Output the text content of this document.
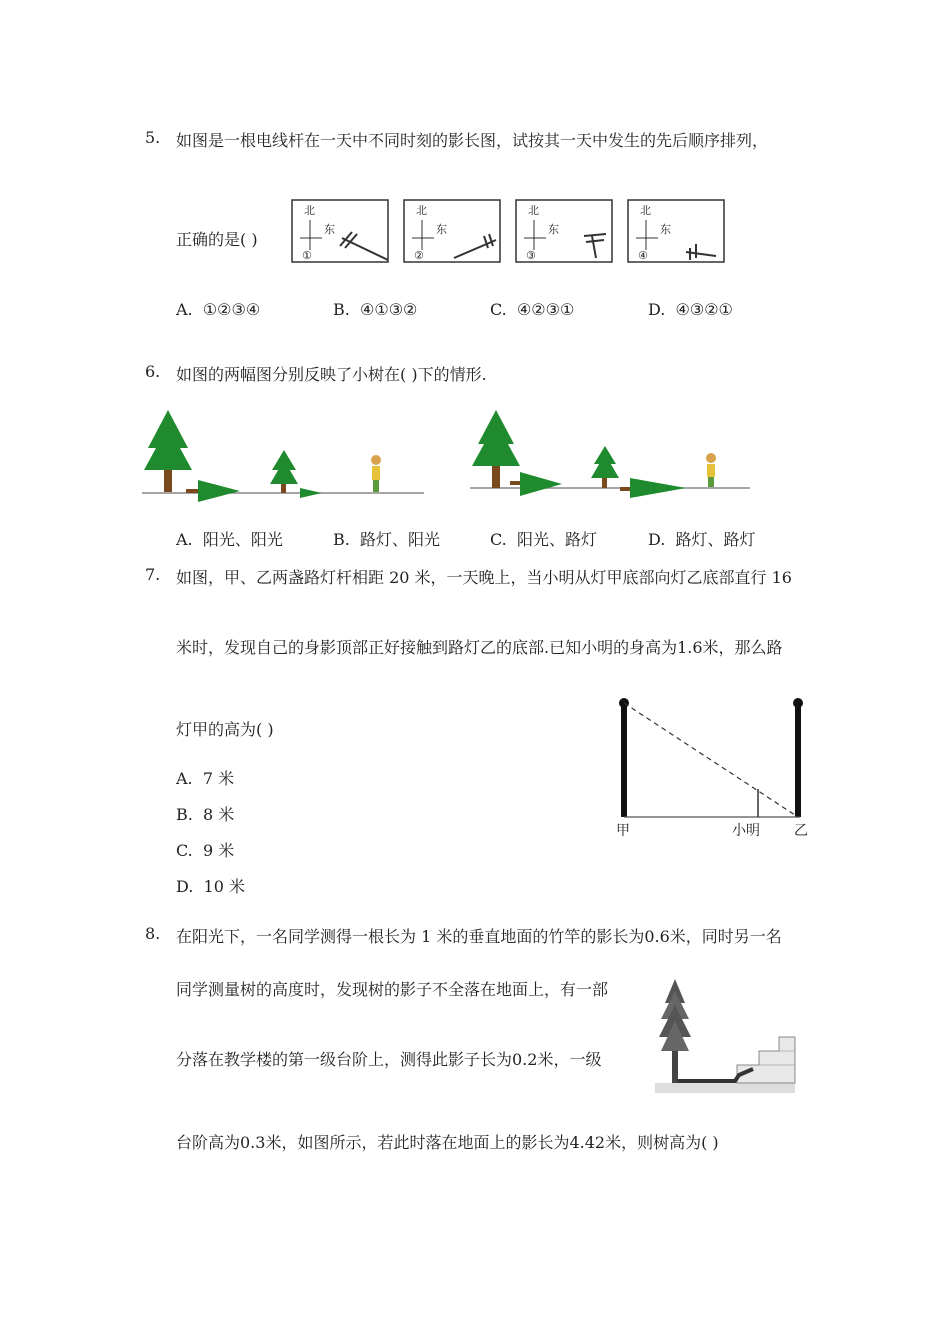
5. 如图是一根电线杆在一天中不同时刻的影长图，试按其一天中发生的先后顺序排列，
正确的是( )
北
东
①
北
东
②
北
东
③
北
东
④
A. ①②③④	B. ④①③②	C. ④②③①	D. ④③②①
6. 如图的两幅图分别反映了小树在( )下的情形.
A. 阳光、阳光	B. 路灯、阳光	C. 阳光、路灯	D. 路灯、路灯
7. 如图，甲、乙两盏路灯杆相距 20 米，一天晚上，当小明从灯甲底部向灯乙底部直行 16
米时，发现自己的身影顶部正好接触到路灯乙的底部.已知小明的身高为1.6米，那么路
灯甲的高为( )
A. 7 米
B. 8 米
C. 9 米
D. 10 米
甲	小明 乙
8. 在阳光下，一名同学测得一根长为 1 米的垂直地面的竹竿的影长为0.6米，同时另一名
同学测量树的高度时，发现树的影子不全落在地面上，有一部
分落在教学楼的第一级台阶上，测得此影子长为0.2米，一级
台阶高为0.3米，如图所示，若此时落在地面上的影长为4.42米，则树高为( )
